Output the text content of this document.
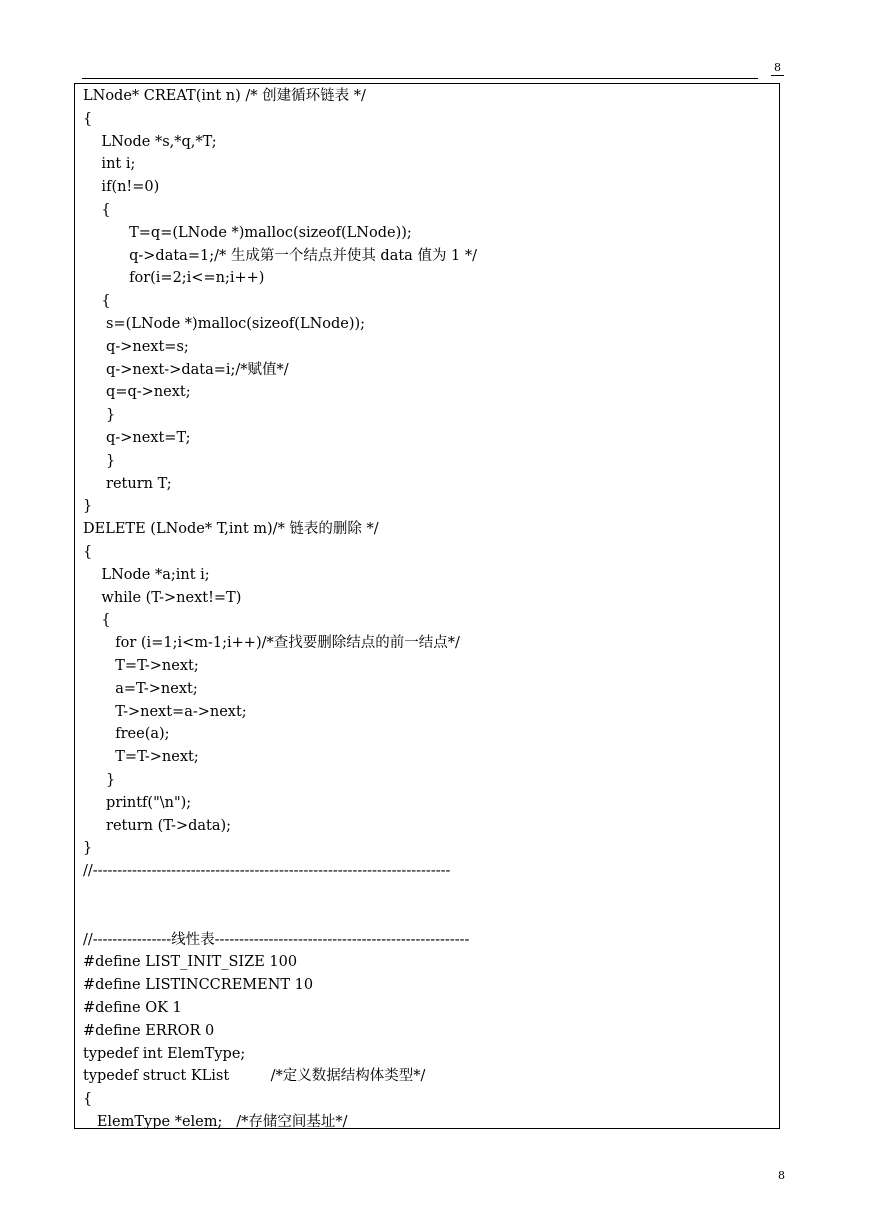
8
LNode* CREAT(int n) /* 创建循环链表 */
{
LNode *s,*q,*T;
int i;
if(n!=0)
{
T=q=(LNode *)malloc(sizeof(LNode));
q->data=1;/* 生成第一个结点并使其 data 值为 1 */
for(i=2;i<=n;i++)
{
s=(LNode *)malloc(sizeof(LNode));
q->next=s;
q->next->data=i;/*赋值*/
q=q->next;
}
q->next=T;
}
return T;
}
DELETE (LNode* T,int m)/* 链表的删除 */
{
LNode *a;int i;
while (T->next!=T)
{
for (i=1;i<m-1;i++)/*查找要删除结点的前一结点*/
T=T->next;
a=T->next;
T->next=a->next;
free(a);
T=T->next;
}
printf("\n");
return (T->data);
}
//-------------------------------------------------------------------------
//----------------线性表----------------------------------------------------
#define LIST_INIT_SIZE 100
#define LISTINCCREMENT 10
#define OK 1
#define ERROR 0
typedef int ElemType;
typedef struct KList         /*定义数据结构体类型*/
{
ElemType *elem;   /*存储空间基址*/
8
